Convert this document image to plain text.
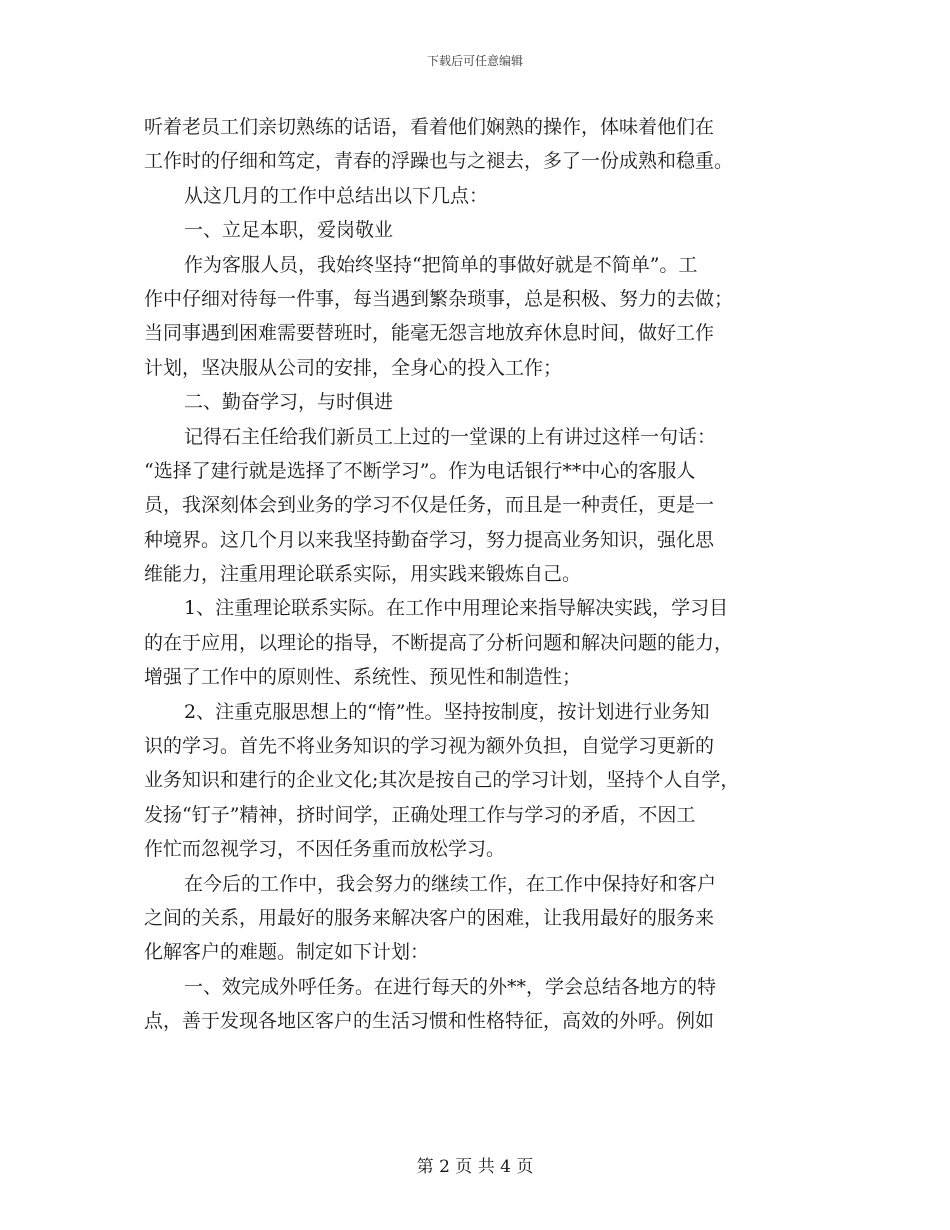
下载后可任意编辑
听着老员工们亲切熟练的话语，看着他们娴熟的操作，体味着他们在
工作时的仔细和笃定，青春的浮躁也与之褪去，多了一份成熟和稳重。
从这几月的工作中总结出以下几点：
一、立足本职，爱岗敬业
作为客服人员，我始终坚持“把简单的事做好就是不简单”。工
作中仔细对待每一件事，每当遇到繁杂琐事，总是积极、努力的去做；
当同事遇到困难需要替班时，能毫无怨言地放弃休息时间，做好工作
计划，坚决服从公司的安排，全身心的投入工作；
二、勤奋学习，与时俱进
记得石主任给我们新员工上过的一堂课的上有讲过这样一句话：
“选择了建行就是选择了不断学习”。作为电话银行**中心的客服人
员，我深刻体会到业务的学习不仅是任务，而且是一种责任，更是一
种境界。这几个月以来我坚持勤奋学习，努力提高业务知识，强化思
维能力，注重用理论联系实际，用实践来锻炼自己。
1、注重理论联系实际。在工作中用理论来指导解决实践，学习目
的在于应用，以理论的指导，不断提高了分析问题和解决问题的能力，
增强了工作中的原则性、系统性、预见性和制造性；
2、注重克服思想上的“惰”性。坚持按制度，按计划进行业务知
识的学习。首先不将业务知识的学习视为额外负担，自觉学习更新的
业务知识和建行的企业文化;其次是按自己的学习计划，坚持个人自学，
发扬“钉子”精神，挤时间学，正确处理工作与学习的矛盾，不因工
作忙而忽视学习，不因任务重而放松学习。
在今后的工作中，我会努力的继续工作，在工作中保持好和客户
之间的关系，用最好的服务来解决客户的困难，让我用最好的服务来
化解客户的难题。制定如下计划：
一、效完成外呼任务。在进行每天的外**，学会总结各地方的特
点，善于发现各地区客户的生活习惯和性格特征，高效的外呼。例如
第 2 页 共 4 页
